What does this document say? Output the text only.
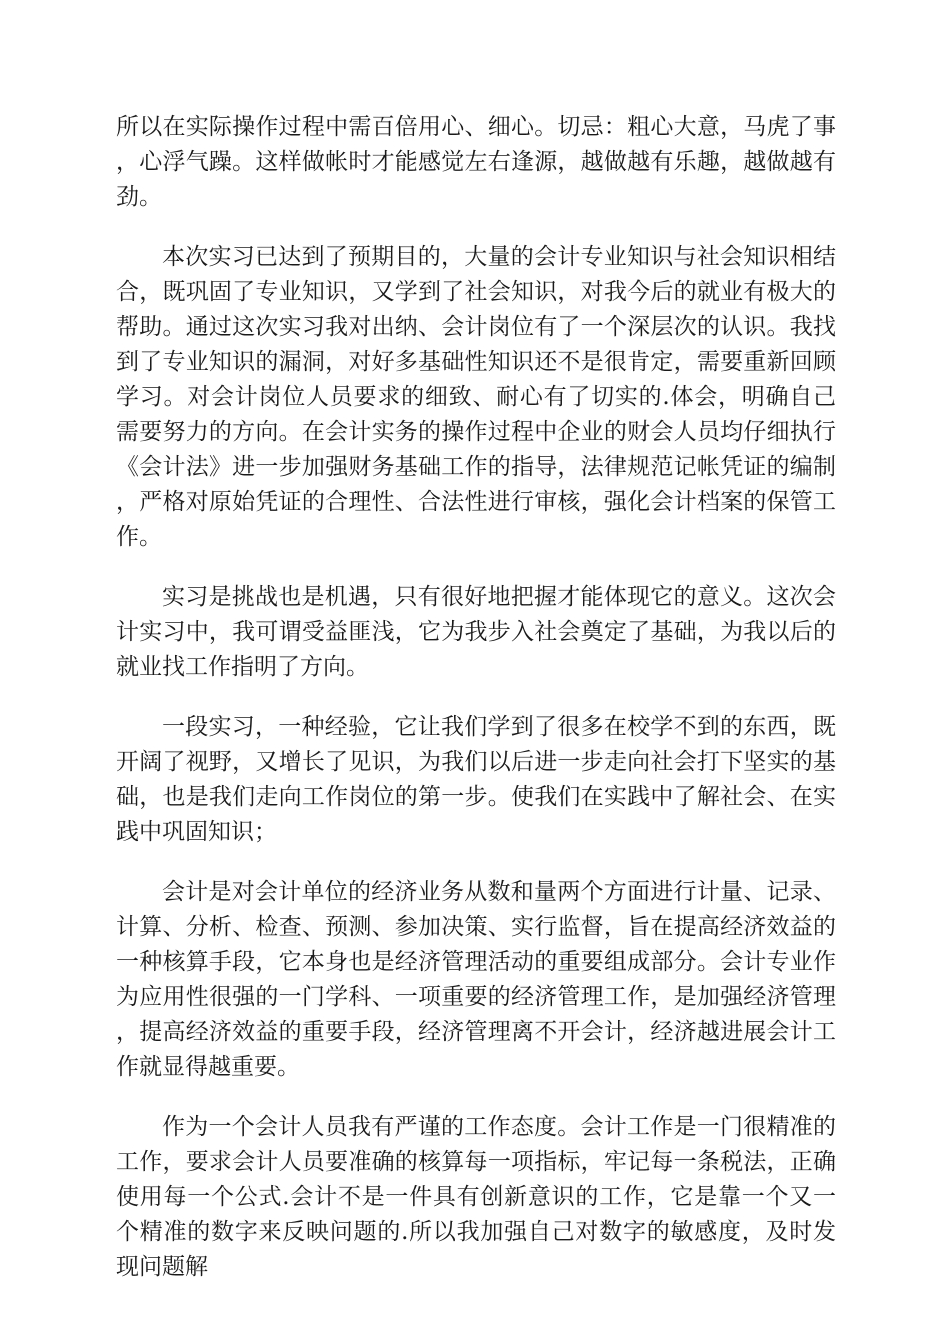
所以在实际操作过程中需百倍用心、细心。切忌：粗心大意，马虎了事，心浮气躁。这样做帐时才能感觉左右逢源，越做越有乐趣，越做越有劲。

本次实习已达到了预期目的，大量的会计专业知识与社会知识相结合，既巩固了专业知识，又学到了社会知识，对我今后的就业有极大的帮助。通过这次实习我对出纳、会计岗位有了一个深层次的认识。我找到了专业知识的漏洞，对好多基础性知识还不是很肯定，需要重新回顾学习。对会计岗位人员要求的细致、耐心有了切实的.体会，明确自己需要努力的方向。在会计实务的操作过程中企业的财会人员均仔细执行《会计法》进一步加强财务基础工作的指导，法律规范记帐凭证的编制，严格对原始凭证的合理性、合法性进行审核，强化会计档案的保管工作。

实习是挑战也是机遇，只有很好地把握才能体现它的意义。这次会计实习中，我可谓受益匪浅，它为我步入社会奠定了基础，为我以后的就业找工作指明了方向。

一段实习，一种经验，它让我们学到了很多在校学不到的东西，既开阔了视野，又增长了见识，为我们以后进一步走向社会打下坚实的基础，也是我们走向工作岗位的第一步。使我们在实践中了解社会、在实践中巩固知识；

会计是对会计单位的经济业务从数和量两个方面进行计量、记录、计算、分析、检查、预测、参加决策、实行监督，旨在提高经济效益的一种核算手段，它本身也是经济管理活动的重要组成部分。会计专业作为应用性很强的一门学科、一项重要的经济管理工作，是加强经济管理，提高经济效益的重要手段，经济管理离不开会计，经济越进展会计工作就显得越重要。

作为一个会计人员我有严谨的工作态度。会计工作是一门很精准的工作，要求会计人员要准确的核算每一项指标，牢记每一条税法，正确使用每一个公式.会计不是一件具有创新意识的工作，它是靠一个又一个精准的数字来反映问题的.所以我加强自己对数字的敏感度，及时发现问题解
